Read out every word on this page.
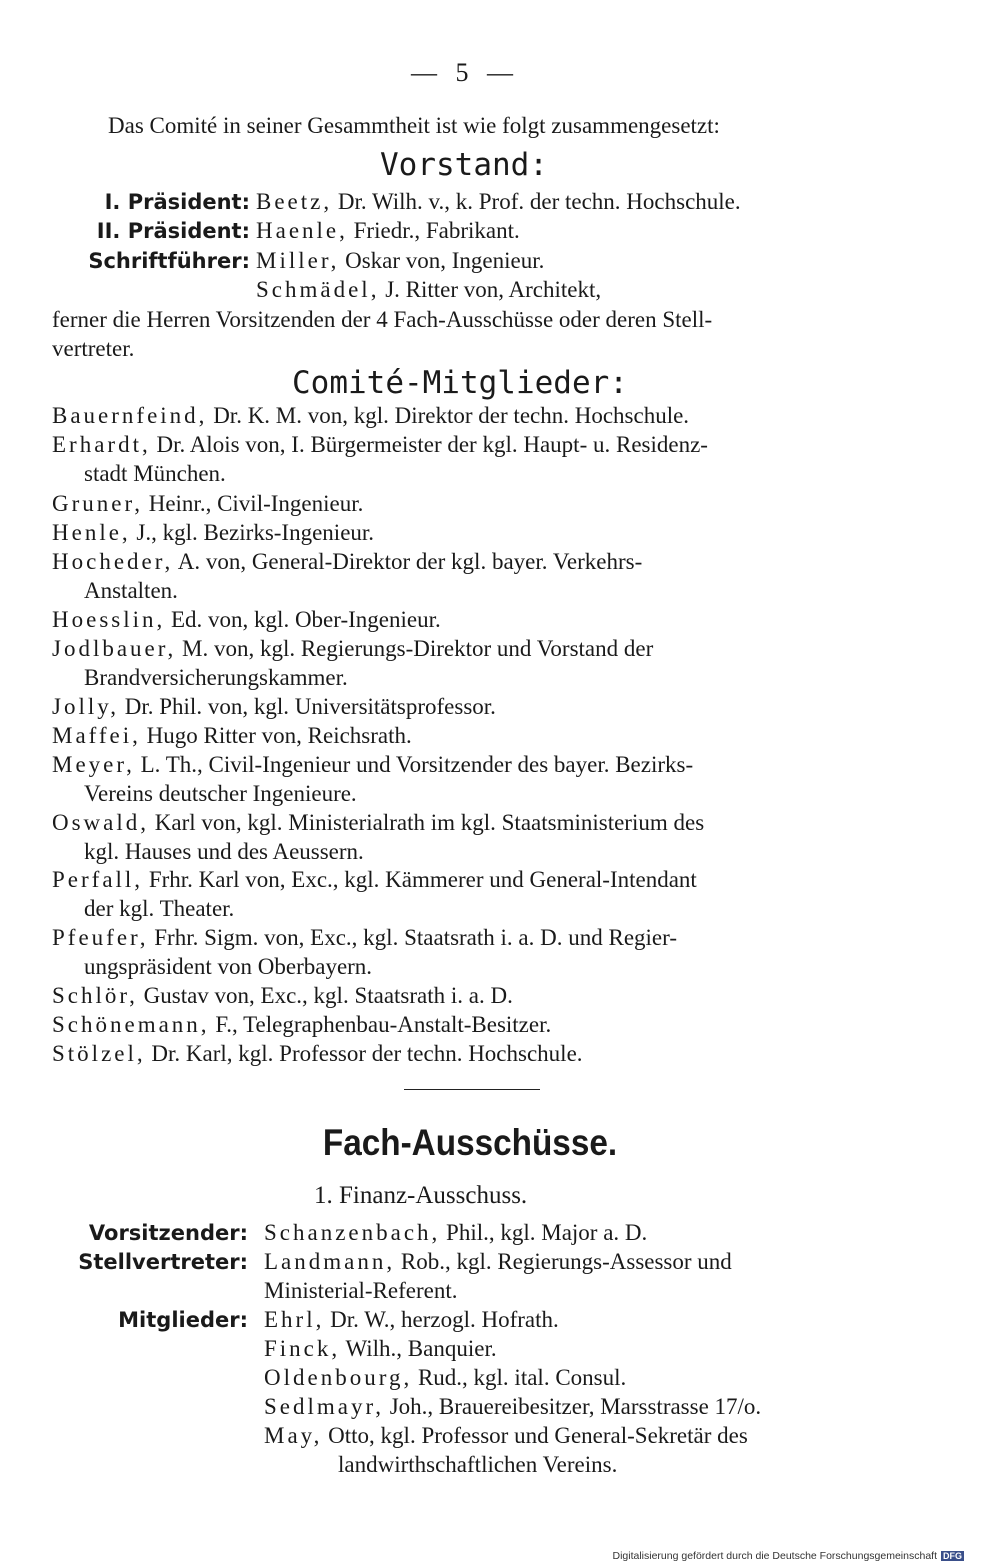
— 5 —
Das Comité in seiner Gesammtheit ist wie folgt zusammengesetzt:
Vorstand:
I. Präsident: Beetz, Dr. Wilh. v., k. Prof. der techn. Hochschule.
II. Präsident: Haenle, Friedr., Fabrikant.
Schriftführer: Miller, Oskar von, Ingenieur.
Schmädel, J. Ritter von, Architekt,
ferner die Herren Vorsitzenden der 4 Fach-Ausschüsse oder deren Stell-
vertreter.
Comité-Mitglieder:
Bauernfeind, Dr. K. M. von, kgl. Direktor der techn. Hochschule.
Erhardt, Dr. Alois von, I. Bürgermeister der kgl. Haupt- u. Residenz-
stadt München.
Gruner, Heinr., Civil-Ingenieur.
Henle, J., kgl. Bezirks-Ingenieur.
Hocheder, A. von, General-Direktor der kgl. bayer. Verkehrs-
Anstalten.
Hoesslin, Ed. von, kgl. Ober-Ingenieur.
Jodlbauer, M. von, kgl. Regierungs-Direktor und Vorstand der
Brandversicherungskammer.
Jolly, Dr. Phil. von, kgl. Universitätsprofessor.
Maffei, Hugo Ritter von, Reichsrath.
Meyer, L. Th., Civil-Ingenieur und Vorsitzender des bayer. Bezirks-
Vereins deutscher Ingenieure.
Oswald, Karl von, kgl. Ministerialrath im kgl. Staatsministerium des
kgl. Hauses und des Aeussern.
Perfall, Frhr. Karl von, Exc., kgl. Kämmerer und General-Intendant
der kgl. Theater.
Pfeufer, Frhr. Sigm. von, Exc., kgl. Staatsrath i. a. D. und Regier-
ungspräsident von Oberbayern.
Schlör, Gustav von, Exc., kgl. Staatsrath i. a. D.
Schönemann, F., Telegraphenbau-Anstalt-Besitzer.
Stölzel, Dr. Karl, kgl. Professor der techn. Hochschule.
Fach-Ausschüsse.
1. Finanz-Ausschuss.
Vorsitzender: Schanzenbach, Phil., kgl. Major a. D.
Stellvertreter: Landmann, Rob., kgl. Regierungs-Assessor und
Ministerial-Referent.
Mitglieder: Ehrl, Dr. W., herzogl. Hofrath.
Finck, Wilh., Banquier.
Oldenbourg, Rud., kgl. ital. Consul.
Sedlmayr, Joh., Brauereibesitzer, Marsstrasse 17/o.
May, Otto, kgl. Professor und General-Sekretär des
landwirthschaftlichen Vereins.
Digitalisierung gefördert durch die Deutsche Forschungsgemeinschaft DFG
